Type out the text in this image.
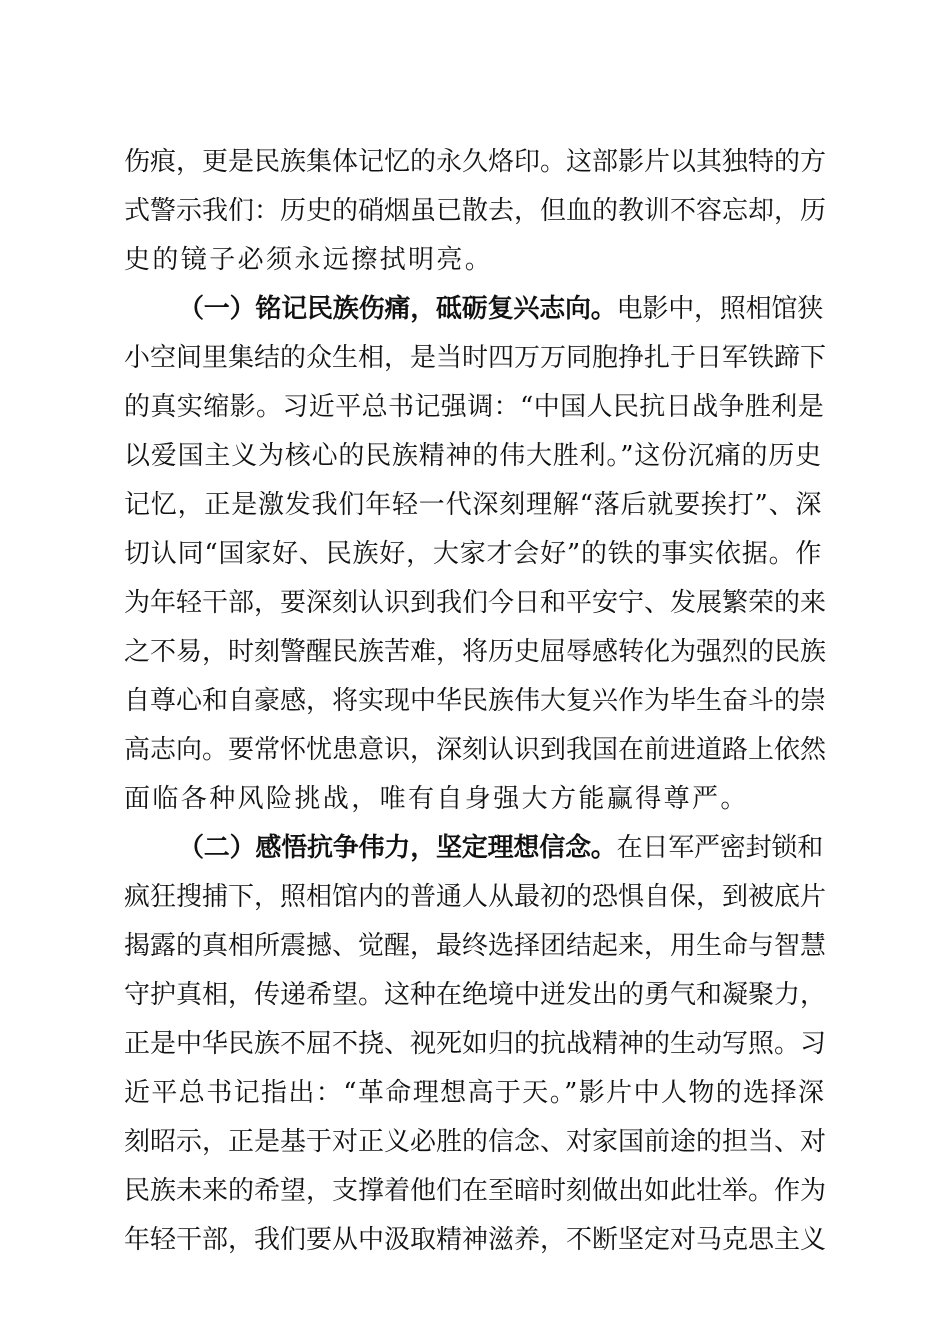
伤痕，更是民族集体记忆的永久烙印。这部影片以其独特的方
式警示我们：历史的硝烟虽已散去，但血的教训不容忘却，历
史的镜子必须永远擦拭明亮。
（一）铭记民族伤痛，砥砺复兴志向。电影中，照相馆狭
小空间里集结的众生相，是当时四万万同胞挣扎于日军铁蹄下
的真实缩影。习近平总书记强调：“中国人民抗日战争胜利是
以爱国主义为核心的民族精神的伟大胜利。”这份沉痛的历史
记忆，正是激发我们年轻一代深刻理解“落后就要挨打”、深
切认同“国家好、民族好，大家才会好”的铁的事实依据。作
为年轻干部，要深刻认识到我们今日和平安宁、发展繁荣的来
之不易，时刻警醒民族苦难，将历史屈辱感转化为强烈的民族
自尊心和自豪感，将实现中华民族伟大复兴作为毕生奋斗的崇
高志向。要常怀忧患意识，深刻认识到我国在前进道路上依然
面临各种风险挑战，唯有自身强大方能赢得尊严。
（二）感悟抗争伟力，坚定理想信念。在日军严密封锁和
疯狂搜捕下，照相馆内的普通人从最初的恐惧自保，到被底片
揭露的真相所震撼、觉醒，最终选择团结起来，用生命与智慧
守护真相，传递希望。这种在绝境中迸发出的勇气和凝聚力，
正是中华民族不屈不挠、视死如归的抗战精神的生动写照。习
近平总书记指出：“革命理想高于天。”影片中人物的选择深
刻昭示，正是基于对正义必胜的信念、对家国前途的担当、对
民族未来的希望，支撑着他们在至暗时刻做出如此壮举。作为
年轻干部，我们要从中汲取精神滋养，不断坚定对马克思主义
